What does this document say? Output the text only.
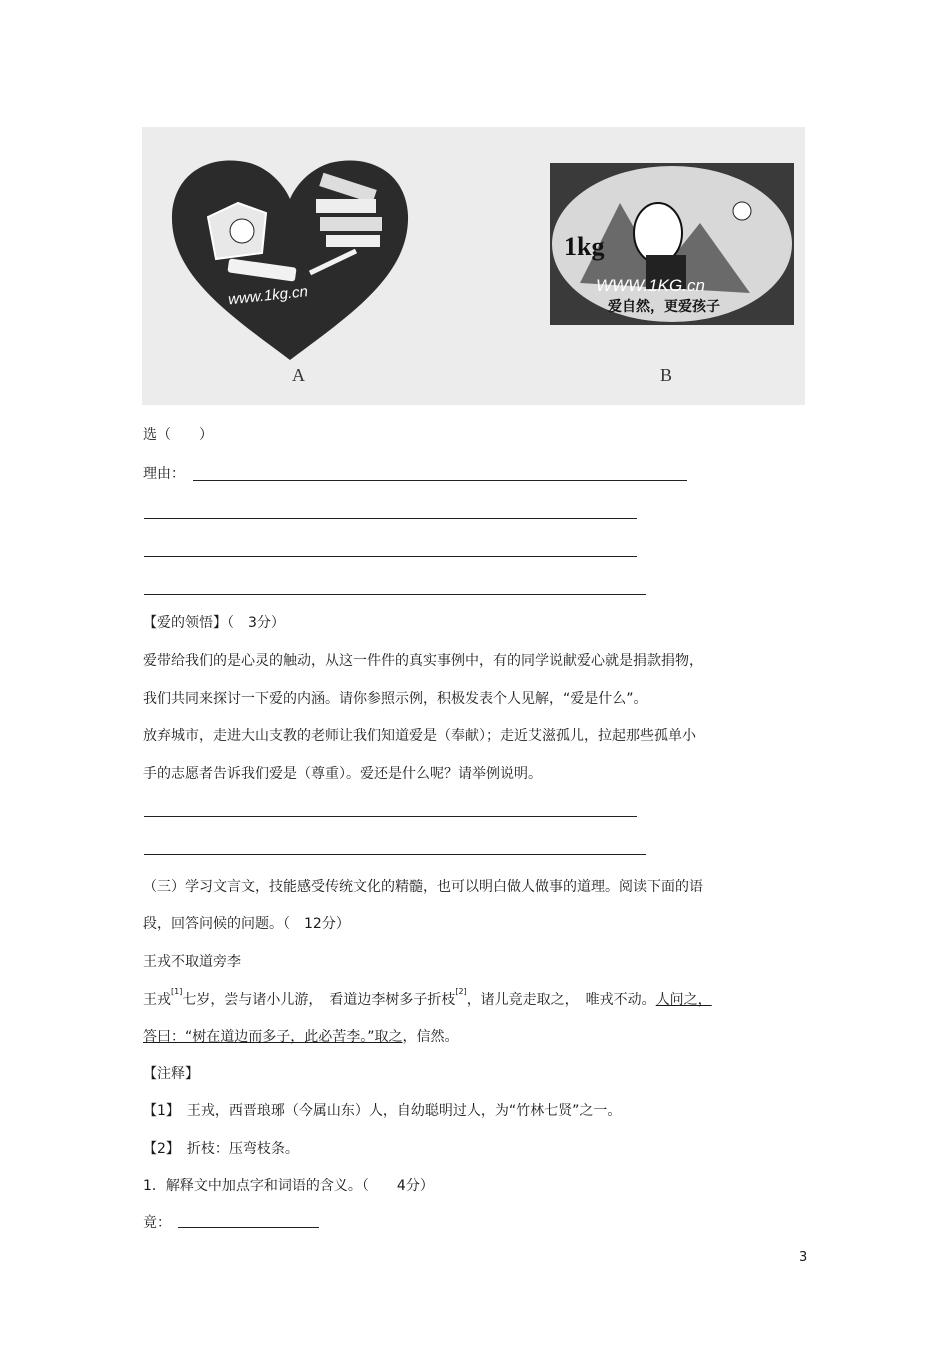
www.1kg.cn
A
1kg
WWW.1KG.cn
爱自然，更爱孩子
B
选（　　）
理由：
【爱的领悟】（　3分）
爱带给我们的是心灵的触动，从这一件件的真实事例中，有的同学说献爱心就是捐款捐物，
我们共同来探讨一下爱的内涵。请你参照示例，积极发表个人见解，“爱是什么”。
放弃城市，走进大山支教的老师让我们知道爱是（奉献）；走近艾滋孤儿，拉起那些孤单小
手的志愿者告诉我们爱是（尊重）。爱还是什么呢？请举例说明。
（三）学习文言文，技能感受传统文化的精髓，也可以明白做人做事的道理。阅读下面的语
段，回答问候的问题。（　12分）
王戎不取道旁李
王戎[1]七岁，尝与诸小儿游，　看道边李树多子折枝[2]，诸儿竞走取之，　唯戎不动。人问之，
答曰：“树在道边而多子，此必苦李。”取之，信然。
【注释】
【1】　王戎，西晋琅琊（今属山东）人，自幼聪明过人，为“竹林七贤”之一。
【2】　折枝：压弯枝条。
1．解释文中加点字和词语的含义。（　　4分）
竟：
3
